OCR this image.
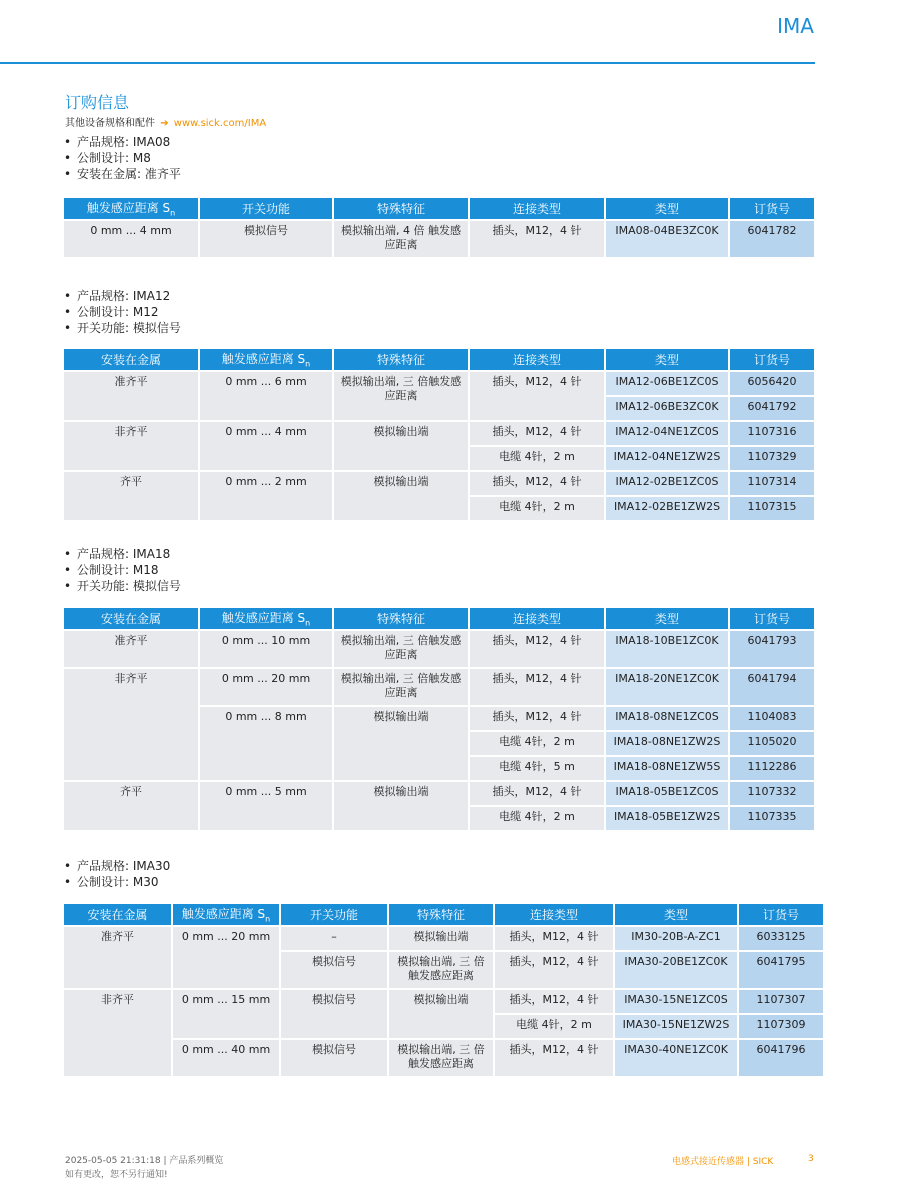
IMA
订购信息
其他设备规格和配件 ➔ www.sick.com/IMA
• 产品规格: IMA08
• 公制设计: M8
• 安装在金属: 准齐平
触发感应距离 $S_n$	开关功能	特殊特征	连接类型	类型	订货号
0 mm ... 4 mm	模拟信号	模拟输出端, 4 倍 触发感应距离	插头，M12，4 针	IMA08-04BE3ZC0K	6041782
• 产品规格: IMA12
• 公制设计: M12
• 开关功能: 模拟信号
安装在金属	触发感应距离 $S_n$	特殊特征	连接类型	类型	订货号
准齐平	0 mm ... 6 mm	模拟输出端, 三 倍触发感应距离	插头，M12，4 针	IMA12-06BE1ZC0S	6056420
				IMA12-06BE3ZC0K	6041792
非齐平	0 mm ... 4 mm	模拟输出端	插头，M12，4 针	IMA12-04NE1ZC0S	1107316
			电缆 4针，2 m	IMA12-04NE1ZW2S	1107329
齐平	0 mm ... 2 mm	模拟输出端	插头，M12，4 针	IMA12-02BE1ZC0S	1107314
			电缆 4针，2 m	IMA12-02BE1ZW2S	1107315
• 产品规格: IMA18
• 公制设计: M18
• 开关功能: 模拟信号
安装在金属	触发感应距离 $S_n$	特殊特征	连接类型	类型	订货号
准齐平	0 mm ... 10 mm	模拟输出端, 三 倍触发感应距离	插头，M12，4 针	IMA18-10BE1ZC0K	6041793
非齐平	0 mm ... 20 mm	模拟输出端, 三 倍触发感应距离	插头，M12，4 针	IMA18-20NE1ZC0K	6041794
	0 mm ... 8 mm	模拟输出端	插头，M12，4 针	IMA18-08NE1ZC0S	1104083
			电缆 4针，2 m	IMA18-08NE1ZW2S	1105020
			电缆 4针，5 m	IMA18-08NE1ZW5S	1112286
齐平	0 mm ... 5 mm	模拟输出端	插头，M12，4 针	IMA18-05BE1ZC0S	1107332
			电缆 4针，2 m	IMA18-05BE1ZW2S	1107335
• 产品规格: IMA30
• 公制设计: M30
安装在金属	触发感应距离 $S_n$	开关功能	特殊特征	连接类型	类型	订货号
准齐平	0 mm ... 20 mm	–	模拟输出端	插头，M12，4 针	IM30-20B-A-ZC1	6033125
		模拟信号	模拟输出端, 三 倍触发感应距离	插头，M12，4 针	IMA30-20BE1ZC0K	6041795
非齐平	0 mm ... 15 mm	模拟信号	模拟输出端	插头，M12，4 针	IMA30-15NE1ZC0S	1107307
				电缆 4针，2 m	IMA30-15NE1ZW2S	1107309
	0 mm ... 40 mm	模拟信号	模拟输出端, 三 倍触发感应距离	插头，M12，4 针	IMA30-40NE1ZC0K	6041796
2025-05-05 21:31:18 | 产品系列概览
如有更改，恕不另行通知!
电感式接近传感器 | SICK	3
